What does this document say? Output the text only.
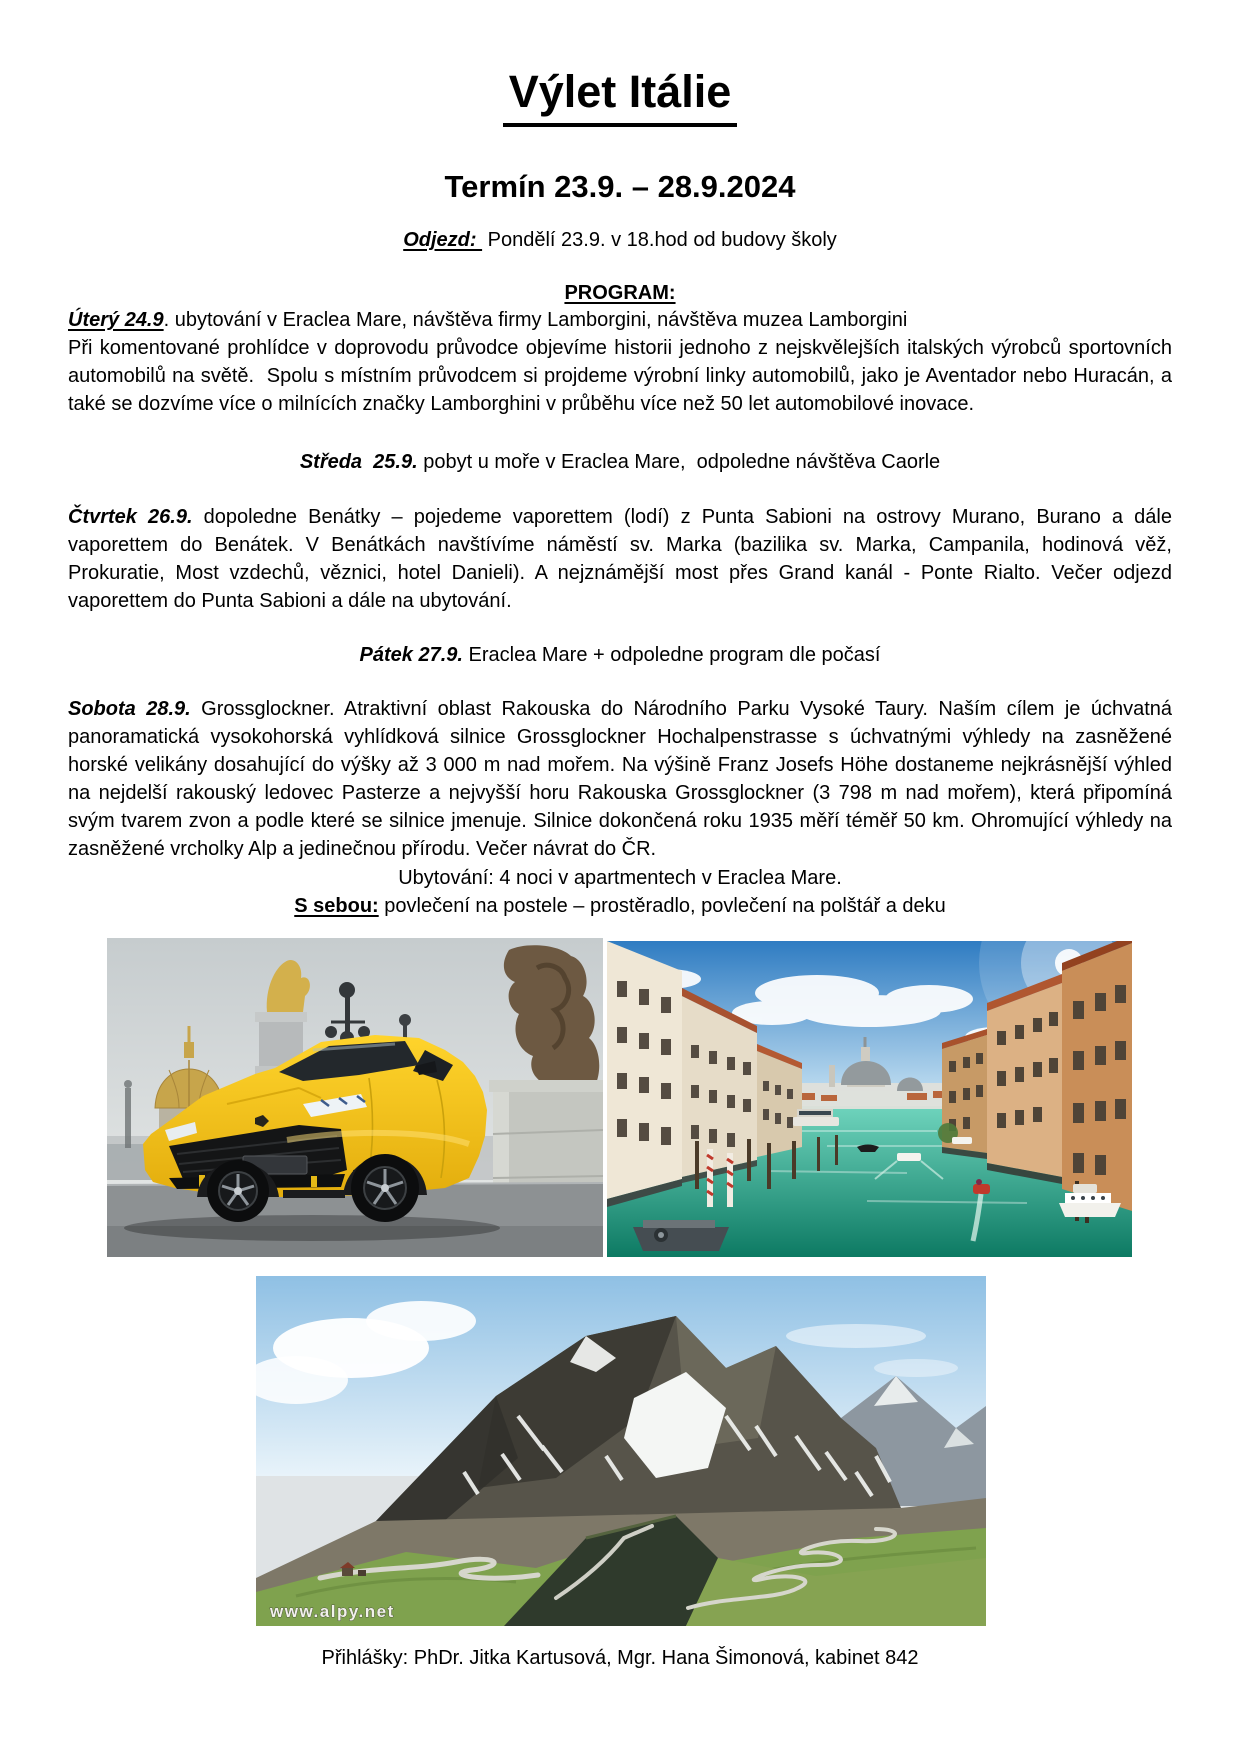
Výlet Itálie
Termín 23.9. – 28.9.2024
Odjezd:  Pondělí 23.9. v 18.hod od budovy školy
PROGRAM:
Úterý 24.9. ubytování v Eraclea Mare, návštěva firmy Lamborgini, návštěva muzea Lamborgini
Při komentované prohlídce v doprovodu průvodce objevíme historii jednoho z nejskvělejších italských výrobců sportovních automobilů na světě.  Spolu s místním průvodcem si projdeme výrobní linky automobilů, jako je Aventador nebo Huracán, a také se dozvíme více o milnících značky Lamborghini v průběhu více než 50 let automobilové inovace.
Středa  25.9. pobyt u moře v Eraclea Mare,  odpoledne návštěva Caorle
Čtvrtek 26.9. dopoledne Benátky – pojedeme vaporettem (lodí) z Punta Sabioni na ostrovy Murano, Burano a dále vaporettem do Benátek. V Benátkách navštívíme náměstí sv. Marka (bazilika sv. Marka, Campanila, hodinová věž, Prokuratie, Most vzdechů, věznici, hotel Danieli). A nejznámější most přes Grand kanál - Ponte Rialto. Večer odjezd vaporettem do Punta Sabioni a dále na ubytování.
Pátek 27.9. Eraclea Mare + odpoledne program dle počasí
Sobota 28.9. Grossglockner. Atraktivní oblast Rakouska do Národního Parku Vysoké Taury. Naším cílem je úchvatná panoramatická vysokohorská vyhlídková silnice Grossglockner Hochalpenstrasse s úchvatnými výhledy na zasněžené horské velikány dosahující do výšky až 3 000 m nad mořem. Na výšině Franz Josefs Höhe dostaneme nejkrásnější výhled na nejdelší rakouský ledovec Pasterze a nejvyšší horu Rakouska Grossglockner (3 798 m nad mořem), která připomíná svým tvarem zvon a podle které se silnice jmenuje. Silnice dokončená roku 1935 měří téměř 50 km. Ohromující výhledy na zasněžené vrcholky Alp a jedinečnou přírodu. Večer návrat do ČR.
Ubytování: 4 noci v apartmentech v Eraclea Mare.
S sebou: povlečení na postele – prostěradlo, povlečení na polštář a deku
www.alpy.net
Přihlášky: PhDr. Jitka Kartusová, Mgr. Hana Šimonová, kabinet 842
